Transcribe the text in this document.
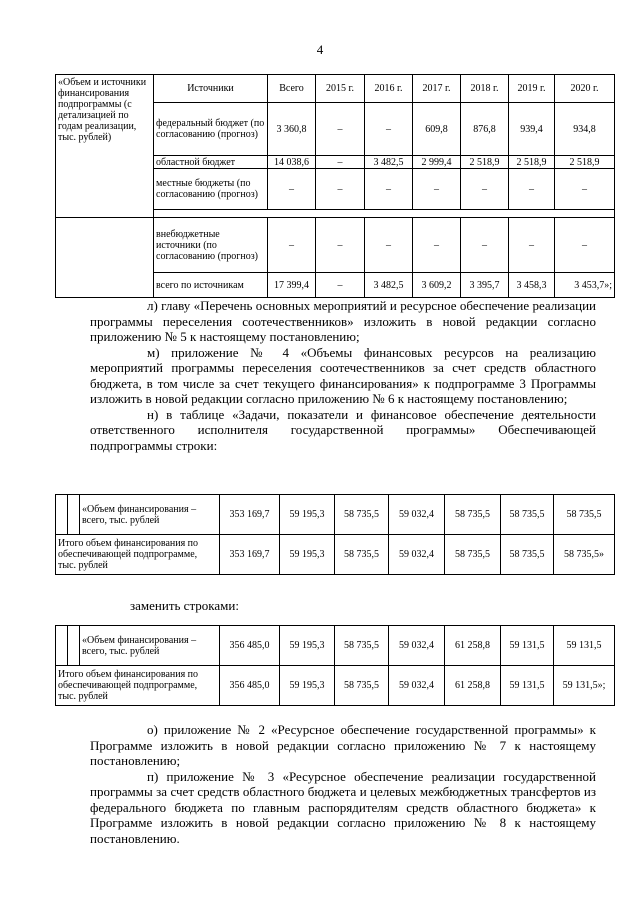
4
«Объем и источники финансирования подпрограммы (с детализацией по годам реализации, тыс. рублей)	Источники	Всего	2015 г.	2016 г.	2017 г.	2018 г.	2019 г.	2020 г.
	федеральный бюджет (по согласованию (прогноз)	3 360,8	–	–	609,8	876,8	939,4	934,8
	областной бюджет	14 038,6	–	3 482,5	2 999,4	2 518,9	2 518,9	2 518,9
	местные бюджеты (по согласованию (прогноз)	–	–	–	–	–	–	–

	внебюджетные источники (по согласованию (прогноз)	–	–	–	–	–	–	–
	всего по источникам	17 399,4	–	3 482,5	3 609,2	3 395,7	3 458,3	3 453,7»;

л) главу «Перечень основных мероприятий и ресурсное обеспечение реализации программы переселения соотечественников» изложить в новой редакции согласно приложению № 5 к настоящему постановлению;

м) приложение № 4 «Объемы финансовых ресурсов на реализацию мероприятий программы переселения соотечественников за счет средств областного бюджета, в том числе за счет текущего финансирования» к подпрограмме 3 Программы изложить в новой редакции согласно приложению № 6 к настоящему постановлению;

н) в таблице «Задачи, показатели и финансовое обеспечение деятельности ответственного исполнителя государственной программы» Обеспечивающей подпрограммы строки:

		«Объем финансирования – всего, тыс. рублей	353 169,7	59 195,3	58 735,5	59 032,4	58 735,5	58 735,5	58 735,5
Итого объем финансирования по обеспечивающей подпрограмме, тыс. рублей			353 169,7	59 195,3	58 735,5	59 032,4	58 735,5	58 735,5	58 735,5»
заменить строками:
		«Объем финансирования – всего, тыс. рублей	356 485,0	59 195,3	58 735,5	59 032,4	61 258,8	59 131,5	59 131,5
Итого объем финансирования по обеспечивающей подпрограмме, тыс. рублей			356 485,0	59 195,3	58 735,5	59 032,4	61 258,8	59 131,5	59 131,5»;

о) приложение № 2 «Ресурсное обеспечение государственной программы» к Программе изложить в новой редакции согласно приложению № 7 к настоящему постановлению;

п) приложение № 3 «Ресурсное обеспечение реализации государственной программы за счет средств областного бюджета и целевых межбюджетных трансфертов из федерального бюджета по главным распорядителям средств областного бюджета» к Программе изложить в новой редакции согласно приложению № 8 к настоящему постановлению.
